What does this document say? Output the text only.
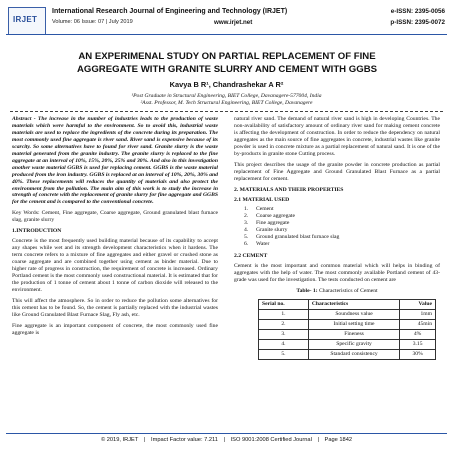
IRJET
International Research Journal of Engineering and Technology (IRJET)	e-ISSN: 2395-0056
Volume: 06 Issue: 07 | July 2019	www.irjet.net	p-ISSN: 2395-0072
AN EXPERIMENAL STUDY ON PARTIAL REPLACEMENT OF FINE
AGGREGATE WITH GRANITE SLURRY AND CEMENT WITH GGBS
Kavya B R¹, Chandrashekar A R²
¹Post Graduate in Structural Engineering, BIET College, Davanagere-577004, India
²Asst. Professor, M. Tech Structural Engineering, BIET College, Davanagere

Abstract - The increase in the number of industries leads to the production of waste materials which were harmful to the environment. So to avoid this, industrial waste materials are used to replace the ingredients of the concrete during its preparation. The most commonly used fine aggregate is river sand. River sand is expensive because of its scarcity. So some alternatives have to found for river sand. Granite slurry is the waste material generated from the granite industry. The granite slurry is replaced to the fine aggregate at an interval of 10%, 15%, 20%, 25% and 30%. And also in this investigation another waste material GGBS is used for replacing cement. GGBS is the waste material produced from the iron industry. GGBS is replaced at an interval of 10%, 20%, 30% and 40%. These replacements will reduces the quantity of materials and also protect the environment from the pollution. The main aim of this work is to study the increase in strength of concrete with the replacement of granite slurry for fine aggregate and GGBS for the cement and is compared to the conventional concrete.

Key Words: Cement, Fine aggregate, Coarse aggregate, Ground granulated blast furnace slag, granite slurry

1.INTRODUCTION

Concrete is the most frequently used building material because of its capability to accept any shapes while wet and its strength development characteristics when it hardens. The term concrete refers to a mixture of fine aggregates and either gravel or crushed stone as coarse aggregate and are combined together using cement as binder material. Due to higher rate of progress in construction, the requirement of concrete is increased. Ordinary Portland cement is the most commonly used constructional material. It is estimated that for the production of 1 tonne of cement about 1 tonne of carbon dioxide will released to the environment.

This will affect the atmosphere. So in order to reduce the pollution some alternatives for this cement has to be found. So, the cement is partially replaced with the industrial wastes like Ground Granulated Blast Furnace Slag, Fly ash, etc.

Fine aggregate is an important component of concrete, the most commonly used fine aggregate is

natural river sand. The demand of natural river sand is high in developing Countries. The non-availability of satisfactory amount of ordinary river sand for making cement concrete is affecting the development of construction. In order to reduce the dependency on natural aggregates as the main source of fine aggregates in concrete, industrial wastes like granite powder is used in concrete mixture as a partial replacement of natural sand. It is one of the by-products in granite stone Cutting process.

This project describes the usage of the granite powder in concrete production as partial replacement of Fine Aggregate and Ground Granulated Blast Furnace as a partial replacement for cement.

2. MATERIALS AND THEIR PROPERTIES
2.1 MATERIAL USED
1. Cement
2. Coarse aggregate
3. Fine aggregate
4. Granite slurry
5. Ground granulated blast furnace slag
6. Water
2.2 CEMENT

Cement is the most important and common material which will helps in binding of aggregates with the help of water. The most commonly available Portland cement of 43-grade was used for the investigation. The tests conducted on cement are

Table- 1: Characteristics of Cement
Serial no.	Characteristics	Value
1.	Soundness value	1mm
2.	Initial setting time	45min
3.	Fineness	4%
4.	Specific gravity	3.15
5.	Standard consistency	30%
© 2019, IRJET | Impact Factor value: 7.211 | ISO 9001:2008 Certified Journal | Page 1842
